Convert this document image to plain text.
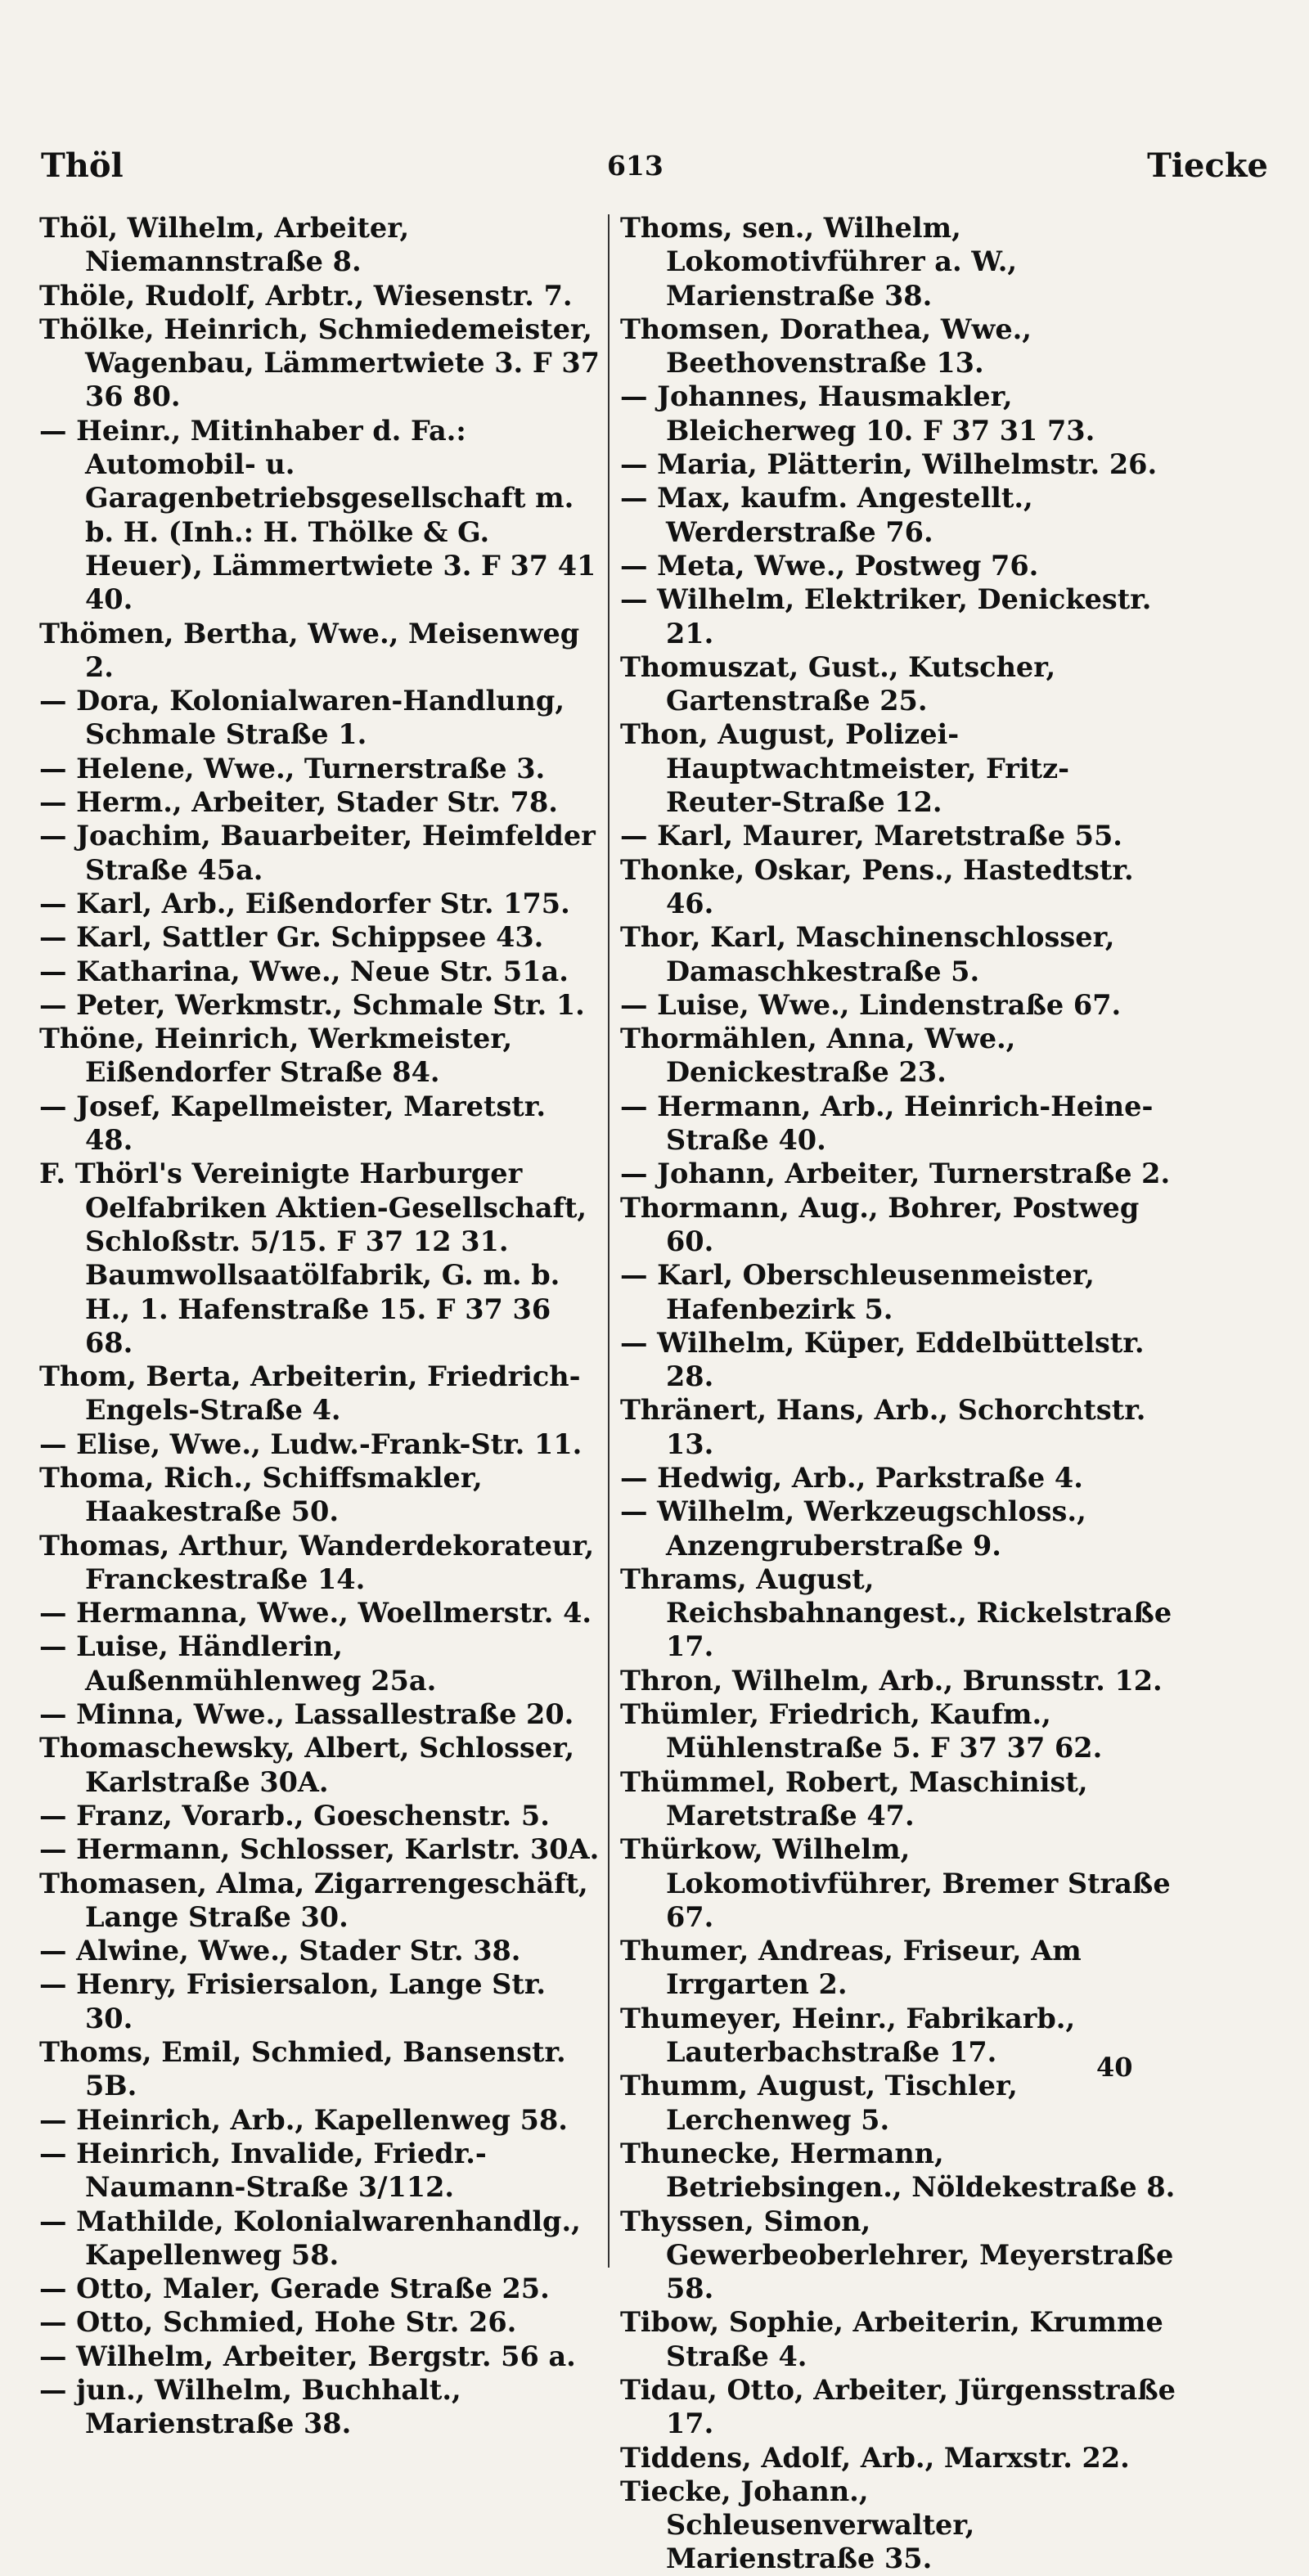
Thöl	613	Tiecke
Thöl, Wilhelm, Arbeiter, Niemannstraße 8.
Thöle, Rudolf, Arbtr., Wiesenstr. 7.
Thölke, Heinrich, Schmiedemeister, Wagenbau, Lämmertwiete 3. F 37 36 80.
— Heinr., Mitinhaber d. Fa.: Automobil- u. Garagenbetriebsgesellschaft m. b. H. (Inh.: H. Thölke & G. Heuer), Lämmertwiete 3. F 37 41 40.
Thömen, Bertha, Wwe., Meisenweg 2.
— Dora, Kolonialwaren-Handlung, Schmale Straße 1.
— Helene, Wwe., Turnerstraße 3.
— Herm., Arbeiter, Stader Str. 78.
— Joachim, Bauarbeiter, Heimfelder Straße 45a.
— Karl, Arb., Eißendorfer Str. 175.
— Karl, Sattler Gr. Schippsee 43.
— Katharina, Wwe., Neue Str. 51a.
— Peter, Werkmstr., Schmale Str. 1.
Thöne, Heinrich, Werkmeister, Eißendorfer Straße 84.
— Josef, Kapellmeister, Maretstr. 48.
F. Thörl's Vereinigte Harburger Oelfabriken Aktien-Gesellschaft, Schloßstr. 5/15. F 37 12 31. Baumwollsaatölfabrik, G. m. b. H., 1. Hafenstraße 15. F 37 36 68.
Thom, Berta, Arbeiterin, Friedrich-Engels-Straße 4.
— Elise, Wwe., Ludw.-Frank-Str. 11.
Thoma, Rich., Schiffsmakler, Haakestraße 50.
Thomas, Arthur, Wanderdekorateur, Franckestraße 14.
— Hermanna, Wwe., Woellmerstr. 4.
— Luise, Händlerin, Außenmühlenweg 25a.
— Minna, Wwe., Lassallestraße 20.
Thomaschewsky, Albert, Schlosser, Karlstraße 30A.
— Franz, Vorarb., Goeschenstr. 5.
— Hermann, Schlosser, Karlstr. 30A.
Thomasen, Alma, Zigarrengeschäft, Lange Straße 30.
— Alwine, Wwe., Stader Str. 38.
— Henry, Frisiersalon, Lange Str. 30.
Thoms, Emil, Schmied, Bansenstr. 5B.
— Heinrich, Arb., Kapellenweg 58.
— Heinrich, Invalide, Friedr.-Naumann-Straße 3/112.
— Mathilde, Kolonialwarenhandlg., Kapellenweg 58.
— Otto, Maler, Gerade Straße 25.
— Otto, Schmied, Hohe Str. 26.
— Wilhelm, Arbeiter, Bergstr. 56 a.
— jun., Wilhelm, Buchhalt., Marienstraße 38.
Thoms, sen., Wilhelm, Lokomotivführer a. W., Marienstraße 38.
Thomsen, Dorathea, Wwe., Beethovenstraße 13.
— Johannes, Hausmakler, Bleicherweg 10. F 37 31 73.
— Maria, Plätterin, Wilhelmstr. 26.
— Max, kaufm. Angestellt., Werderstraße 76.
— Meta, Wwe., Postweg 76.
— Wilhelm, Elektriker, Denickestr. 21.
Thomuszat, Gust., Kutscher, Gartenstraße 25.
Thon, August, Polizei-Hauptwachtmeister, Fritz-Reuter-Straße 12.
— Karl, Maurer, Maretstraße 55.
Thonke, Oskar, Pens., Hastedtstr. 46.
Thor, Karl, Maschinenschlosser, Damaschkestraße 5.
— Luise, Wwe., Lindenstraße 67.
Thormählen, Anna, Wwe., Denickestraße 23.
— Hermann, Arb., Heinrich-Heine-Straße 40.
— Johann, Arbeiter, Turnerstraße 2.
Thormann, Aug., Bohrer, Postweg 60.
— Karl, Oberschleusenmeister, Hafenbezirk 5.
— Wilhelm, Küper, Eddelbüttelstr. 28.
Thränert, Hans, Arb., Schorchtstr. 13.
— Hedwig, Arb., Parkstraße 4.
— Wilhelm, Werkzeugschloss., Anzengruberstraße 9.
Thrams, August, Reichsbahnangest., Rickelstraße 17.
Thron, Wilhelm, Arb., Brunsstr. 12.
Thümler, Friedrich, Kaufm., Mühlenstraße 5. F 37 37 62.
Thümmel, Robert, Maschinist, Maretstraße 47.
Thürkow, Wilhelm, Lokomotivführer, Bremer Straße 67.
Thumer, Andreas, Friseur, Am Irrgarten 2.
Thumeyer, Heinr., Fabrikarb., Lauterbachstraße 17.
Thumm, August, Tischler, Lerchenweg 5.
Thunecke, Hermann, Betriebsingen., Nöldekestraße 8.
Thyssen, Simon, Gewerbeoberlehrer, Meyerstraße 58.
Tibow, Sophie, Arbeiterin, Krumme Straße 4.
Tidau, Otto, Arbeiter, Jürgensstraße 17.
Tiddens, Adolf, Arb., Marxstr. 22.
Tiecke, Johann., Schleusenverwalter, Marienstraße 35.
40
